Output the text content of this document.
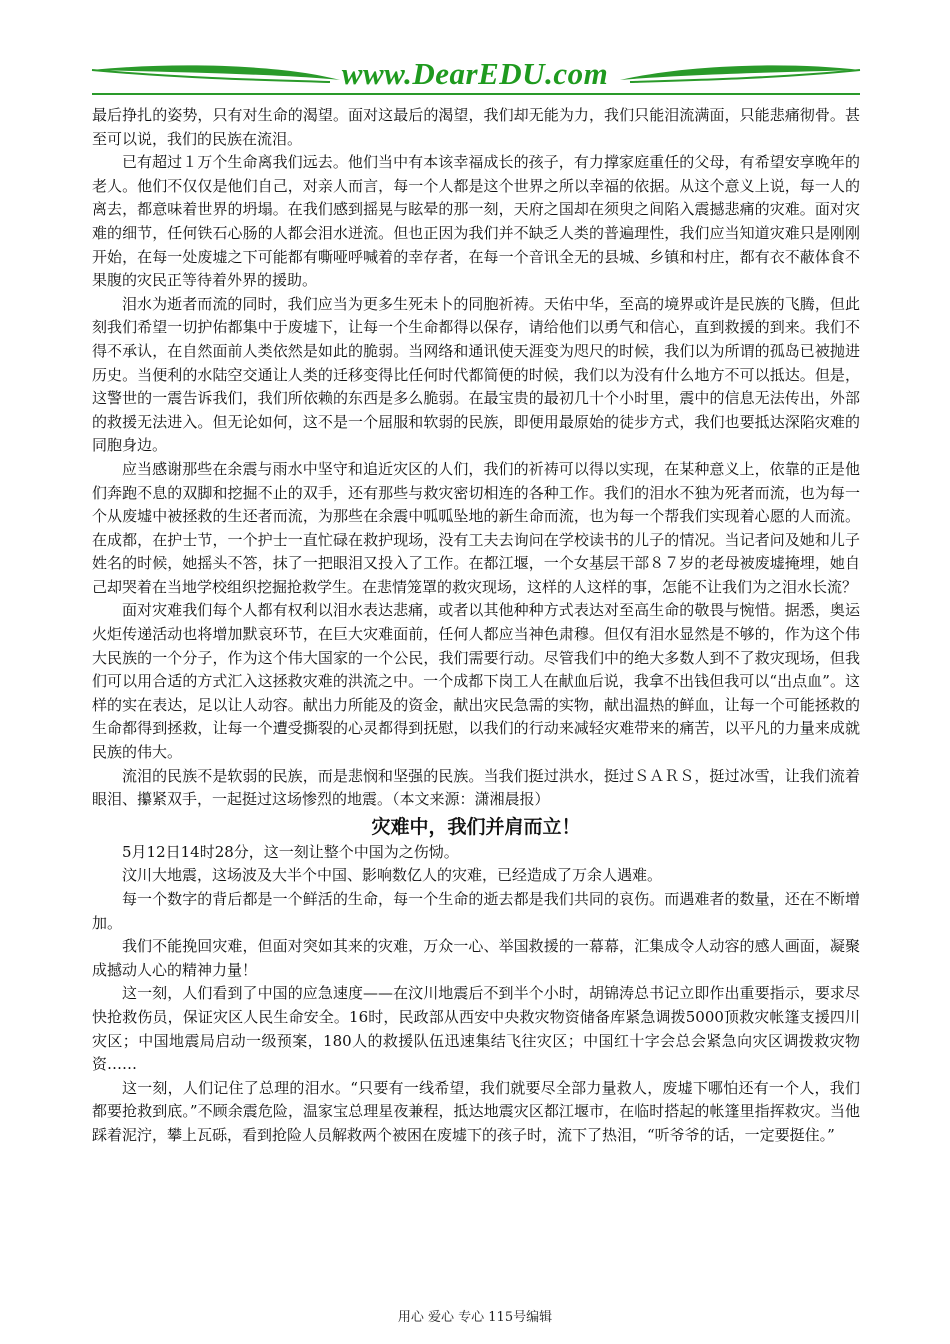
www.DearEDU.com

最后挣扎的姿势，只有对生命的渴望。面对这最后的渴望，我们却无能为力，我们只能泪流满面，只能悲痛彻骨。甚至可以说，我们的民族在流泪。

已有超过１万个生命离我们远去。他们当中有本该幸福成长的孩子，有力撑家庭重任的父母，有希望安享晚年的老人。他们不仅仅是他们自己，对亲人而言，每一个人都是这个世界之所以幸福的依据。从这个意义上说，每一人的离去，都意味着世界的坍塌。在我们感到摇晃与眩晕的那一刻，天府之国却在须臾之间陷入震撼悲痛的灾难。面对灾难的细节，任何铁石心肠的人都会泪水迸流。但也正因为我们并不缺乏人类的普遍理性，我们应当知道灾难只是刚刚开始，在每一处废墟之下可能都有嘶哑呼喊着的幸存者，在每一个音讯全无的县城、乡镇和村庄，都有衣不蔽体食不果腹的灾民正等待着外界的援助。

泪水为逝者而流的同时，我们应当为更多生死未卜的同胞祈祷。天佑中华，至高的境界或许是民族的飞腾，但此刻我们希望一切护佑都集中于废墟下，让每一个生命都得以保存，请给他们以勇气和信心，直到救援的到来。我们不得不承认，在自然面前人类依然是如此的脆弱。当网络和通讯使天涯变为咫尺的时候，我们以为所谓的孤岛已被抛进历史。当便利的水陆空交通让人类的迁移变得比任何时代都简便的时候，我们以为没有什么地方不可以抵达。但是，这警世的一震告诉我们，我们所依赖的东西是多么脆弱。在最宝贵的最初几十个小时里，震中的信息无法传出，外部的救援无法进入。但无论如何，这不是一个屈服和软弱的民族，即便用最原始的徒步方式，我们也要抵达深陷灾难的同胞身边。

应当感谢那些在余震与雨水中坚守和追近灾区的人们，我们的祈祷可以得以实现，在某种意义上，依靠的正是他们奔跑不息的双脚和挖掘不止的双手，还有那些与救灾密切相连的各种工作。我们的泪水不独为死者而流，也为每一个从废墟中被拯救的生还者而流，为那些在余震中呱呱坠地的新生命而流，也为每一个帮我们实现着心愿的人而流。在成都，在护士节，一个护士一直忙碌在救护现场，没有工夫去询问在学校读书的儿子的情况。当记者问及她和儿子姓名的时候，她摇头不答，抹了一把眼泪又投入了工作。在都江堰，一个女基层干部８７岁的老母被废墟掩埋，她自己却哭着在当地学校组织挖掘抢救学生。在悲情笼罩的救灾现场，这样的人这样的事，怎能不让我们为之泪水长流？

面对灾难我们每个人都有权利以泪水表达悲痛，或者以其他种种方式表达对至高生命的敬畏与惋惜。据悉，奥运火炬传递活动也将增加默哀环节，在巨大灾难面前，任何人都应当神色肃穆。但仅有泪水显然是不够的，作为这个伟大民族的一个分子，作为这个伟大国家的一个公民，我们需要行动。尽管我们中的绝大多数人到不了救灾现场，但我们可以用合适的方式汇入这拯救灾难的洪流之中。一个成都下岗工人在献血后说，我拿不出钱但我可以“出点血”。这样的实在表达，足以让人动容。献出力所能及的资金，献出灾民急需的实物，献出温热的鲜血，让每一个可能拯救的生命都得到拯救，让每一个遭受撕裂的心灵都得到抚慰，以我们的行动来减轻灾难带来的痛苦，以平凡的力量来成就民族的伟大。

流泪的民族不是软弱的民族，而是悲悯和坚强的民族。当我们挺过洪水，挺过ＳＡＲＳ，挺过冰雪，让我们流着眼泪、攥紧双手，一起挺过这场惨烈的地震。（本文来源：潇湘晨报）

灾难中，我们并肩而立！

5月12日14时28分，这一刻让整个中国为之伤恸。

汶川大地震，这场波及大半个中国、影响数亿人的灾难，已经造成了万余人遇难。

每一个数字的背后都是一个鲜活的生命，每一个生命的逝去都是我们共同的哀伤。而遇难者的数量，还在不断增加。

我们不能挽回灾难，但面对突如其来的灾难，万众一心、举国救援的一幕幕，汇集成令人动容的感人画面，凝聚成撼动人心的精神力量！

这一刻，人们看到了中国的应急速度——在汶川地震后不到半个小时，胡锦涛总书记立即作出重要指示，要求尽快抢救伤员，保证灾区人民生命安全。16时，民政部从西安中央救灾物资储备库紧急调拨5000顶救灾帐篷支援四川灾区；中国地震局启动一级预案，180人的救援队伍迅速集结飞往灾区；中国红十字会总会紧急向灾区调拨救灾物资……

这一刻，人们记住了总理的泪水。“只要有一线希望，我们就要尽全部力量救人，废墟下哪怕还有一个人，我们都要抢救到底。”不顾余震危险，温家宝总理星夜兼程，抵达地震灾区都江堰市，在临时搭起的帐篷里指挥救灾。当他踩着泥泞，攀上瓦砾，看到抢险人员解救两个被困在废墟下的孩子时，流下了热泪，“听爷爷的话，一定要挺住。”

用心 爱心 专心 115号编辑
